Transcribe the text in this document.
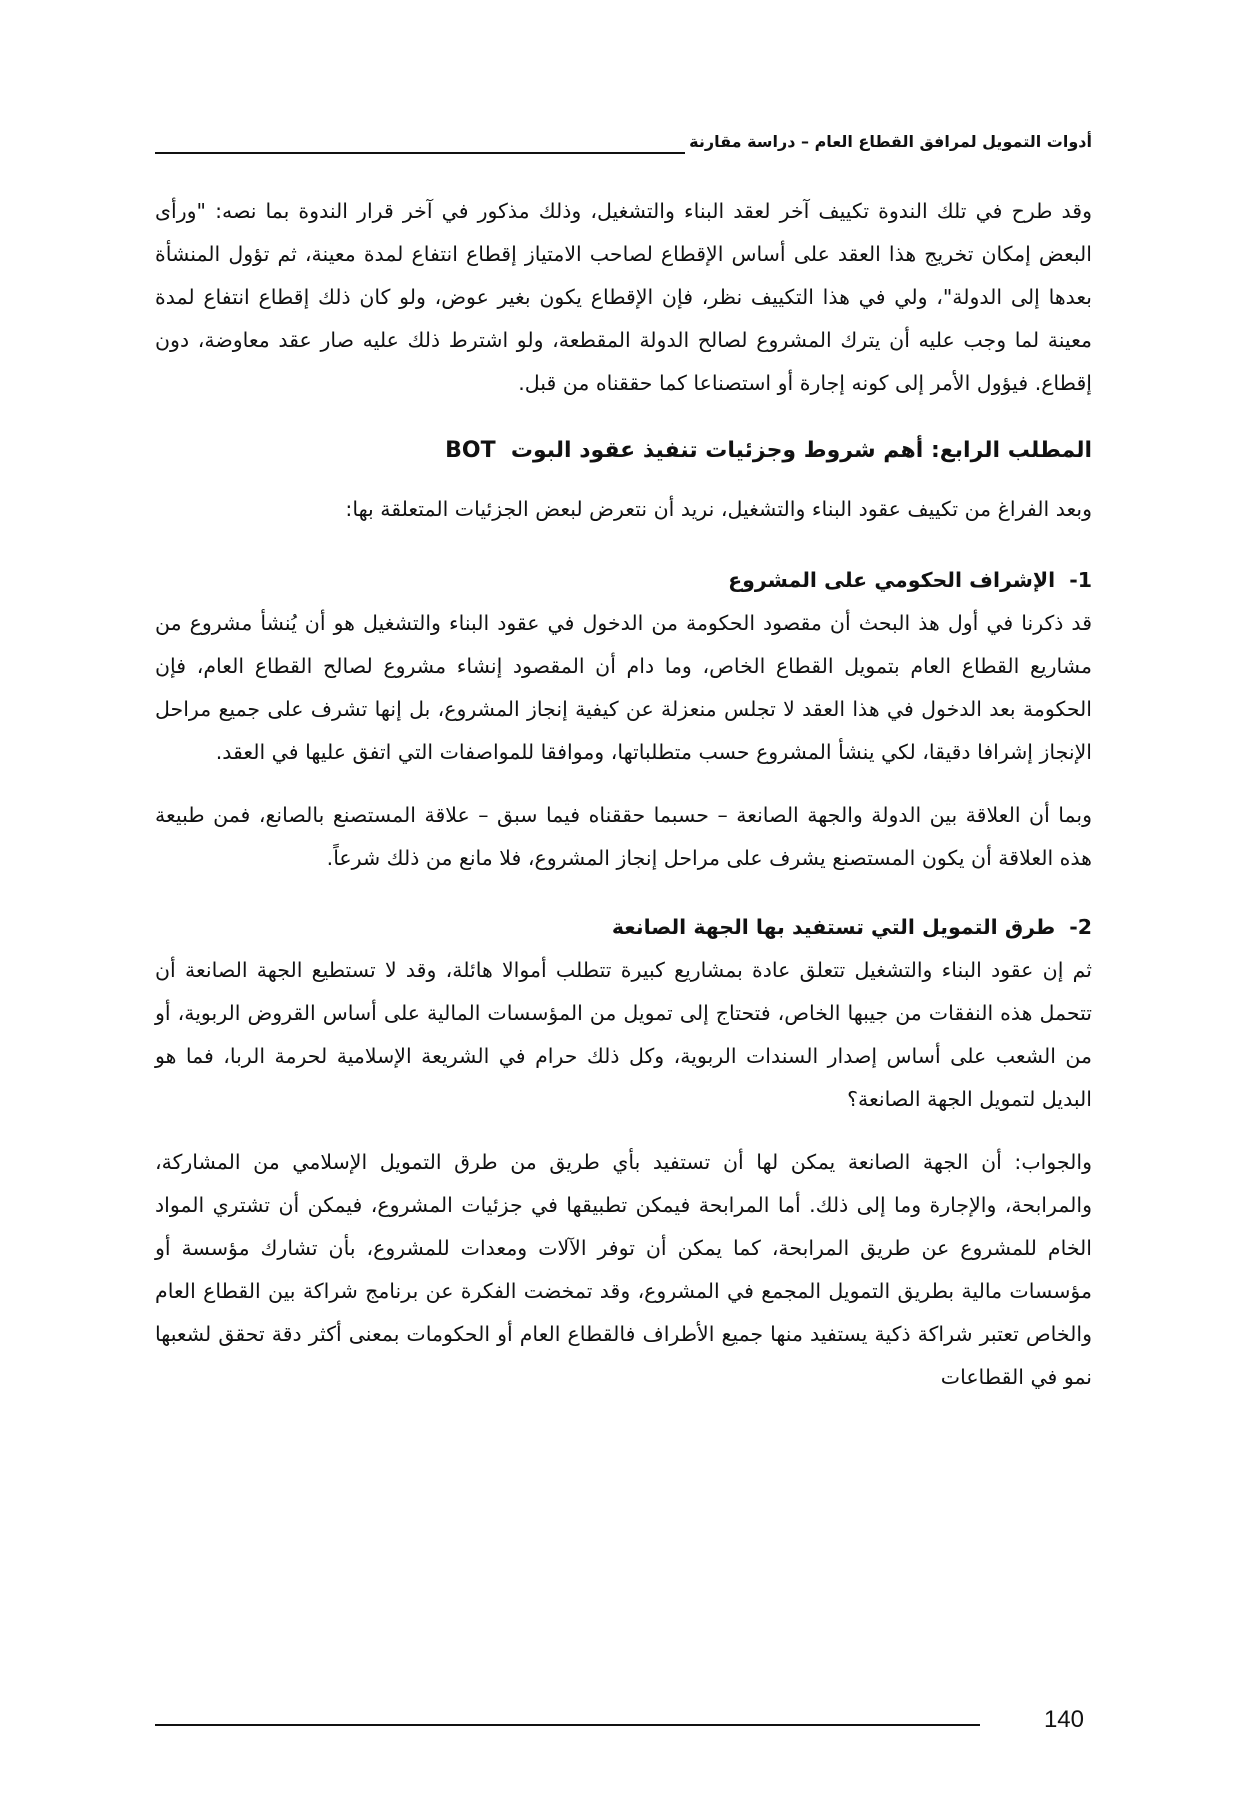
أدوات التمويل لمرافق القطاع العام – دراسة مقارنة

وقد طرح في تلك الندوة تكييف آخر لعقد البناء والتشغيل، وذلك مذكور في آخر قرار الندوة بما نصه: "ورأى البعض إمكان تخريج هذا العقد على أساس الإقطاع لصاحب الامتياز إقطاع انتفاع لمدة معينة، ثم تؤول المنشأة بعدها إلى الدولة"، ولي في هذا التكييف نظر، فإن الإقطاع يكون بغير عوض، ولو كان ذلك إقطاع انتفاع لمدة معينة لما وجب عليه أن يترك المشروع لصالح الدولة المقطعة، ولو اشترط ذلك عليه صار عقد معاوضة، دون إقطاع. فيؤول الأمر إلى كونه إجارة أو استصناعا كما حققناه من قبل.

المطلب الرابع: أهم شروط وجزئيات تنفيذ عقود البوت  BOT

وبعد الفراغ من تكييف عقود البناء والتشغيل، نريد أن نتعرض لبعض الجزئيات المتعلقة بها:

1-الإشراف الحكومي على المشروع

قد ذكرنا في أول هذ البحث أن مقصود الحكومة من الدخول في عقود البناء والتشغيل هو أن يُنشأ مشروع من مشاريع القطاع العام بتمويل القطاع الخاص، وما دام أن المقصود إنشاء مشروع لصالح القطاع العام، فإن الحكومة بعد الدخول في هذا العقد لا تجلس منعزلة عن كيفية إنجاز المشروع، بل إنها تشرف على جميع مراحل الإنجاز إشرافا دقيقا، لكي ينشأ المشروع حسب متطلباتها، وموافقا للمواصفات التي اتفق عليها في العقد.

وبما أن العلاقة بين الدولة والجهة الصانعة – حسبما حققناه فيما سبق – علاقة المستصنع بالصانع، فمن طبيعة هذه العلاقة أن يكون المستصنع يشرف على مراحل إنجاز المشروع، فلا مانع من ذلك شرعاً.

2-طرق التمويل التي تستفيد بها الجهة الصانعة

ثم إن عقود البناء والتشغيل تتعلق عادة بمشاريع كبيرة تتطلب أموالا هائلة، وقد لا تستطيع الجهة الصانعة أن تتحمل هذه النفقات من جيبها الخاص، فتحتاج إلى تمويل من المؤسسات المالية على أساس القروض الربوية، أو من الشعب على أساس إصدار السندات الربوية، وكل ذلك حرام في الشريعة الإسلامية لحرمة الربا، فما هو البديل لتمويل الجهة الصانعة؟

والجواب: أن الجهة الصانعة يمكن لها أن تستفيد بأي طريق من طرق التمويل الإسلامي من المشاركة، والمرابحة، والإجارة وما إلى ذلك. أما المرابحة فيمكن تطبيقها في جزئيات المشروع، فيمكن أن تشتري المواد الخام للمشروع عن طريق المرابحة، كما يمكن أن توفر الآلات ومعدات للمشروع، بأن تشارك مؤسسة أو مؤسسات مالية بطريق التمويل المجمع في المشروع، وقد تمخضت الفكرة عن برنامج شراكة بين القطاع العام والخاص تعتبر شراكة ذكية يستفيد منها جميع الأطراف فالقطاع العام أو الحكومات بمعنى أكثر دقة تحقق لشعبها نمو في القطاعات

140
